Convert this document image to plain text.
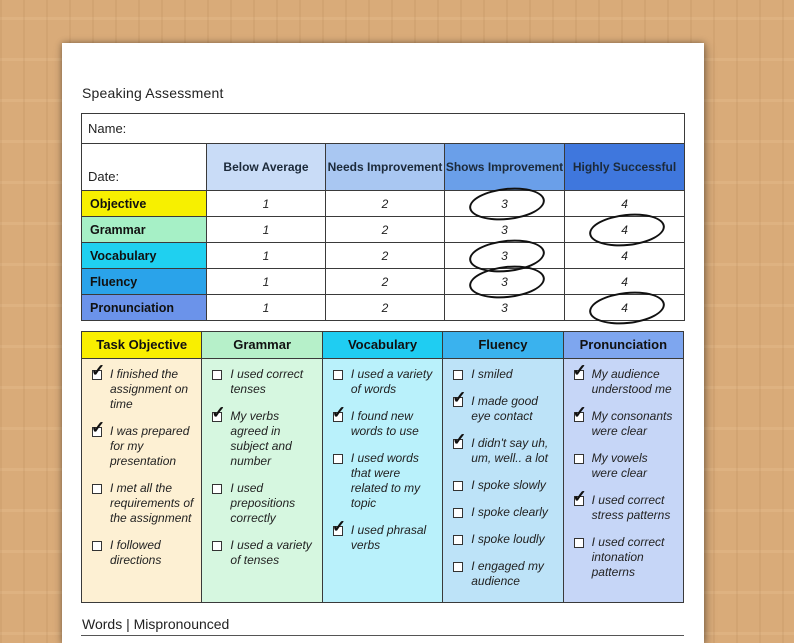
Speaking Assessment
Name:				
Date:	Below Average	Needs Improvement	Shows Improvement	Highly Successful
Objective	1	2	3	4
Grammar	1	2	3	4

Vocabulary	1	2	3	4
Fluency	1	2	3	4
Pronunciation	1	2	3	4
Task Objective
✓ I finished the assignment on time
✓ I was prepared for my presentation
I met all the requirements of the assignment
I followed directions
Grammar
I used correct tenses
✓ My verbs agreed in subject and number
I used prepositions correctly
I used a variety of tenses
Vocabulary
I used a variety of words
✓ I found new words to use
I used words that were related to my topic
✓ I used phrasal verbs
Fluency
I smiled
✓ I made good eye contact
✓ I didn't say uh, um, well.. a lot
I spoke slowly
I spoke clearly
I spoke loudly
I engaged my audience
Pronunciation
✓ My audience understood me
✓ My consonants were clear
My vowels were clear
✓ I used correct stress patterns
I used correct intonation patterns
Words | Mispronounced
